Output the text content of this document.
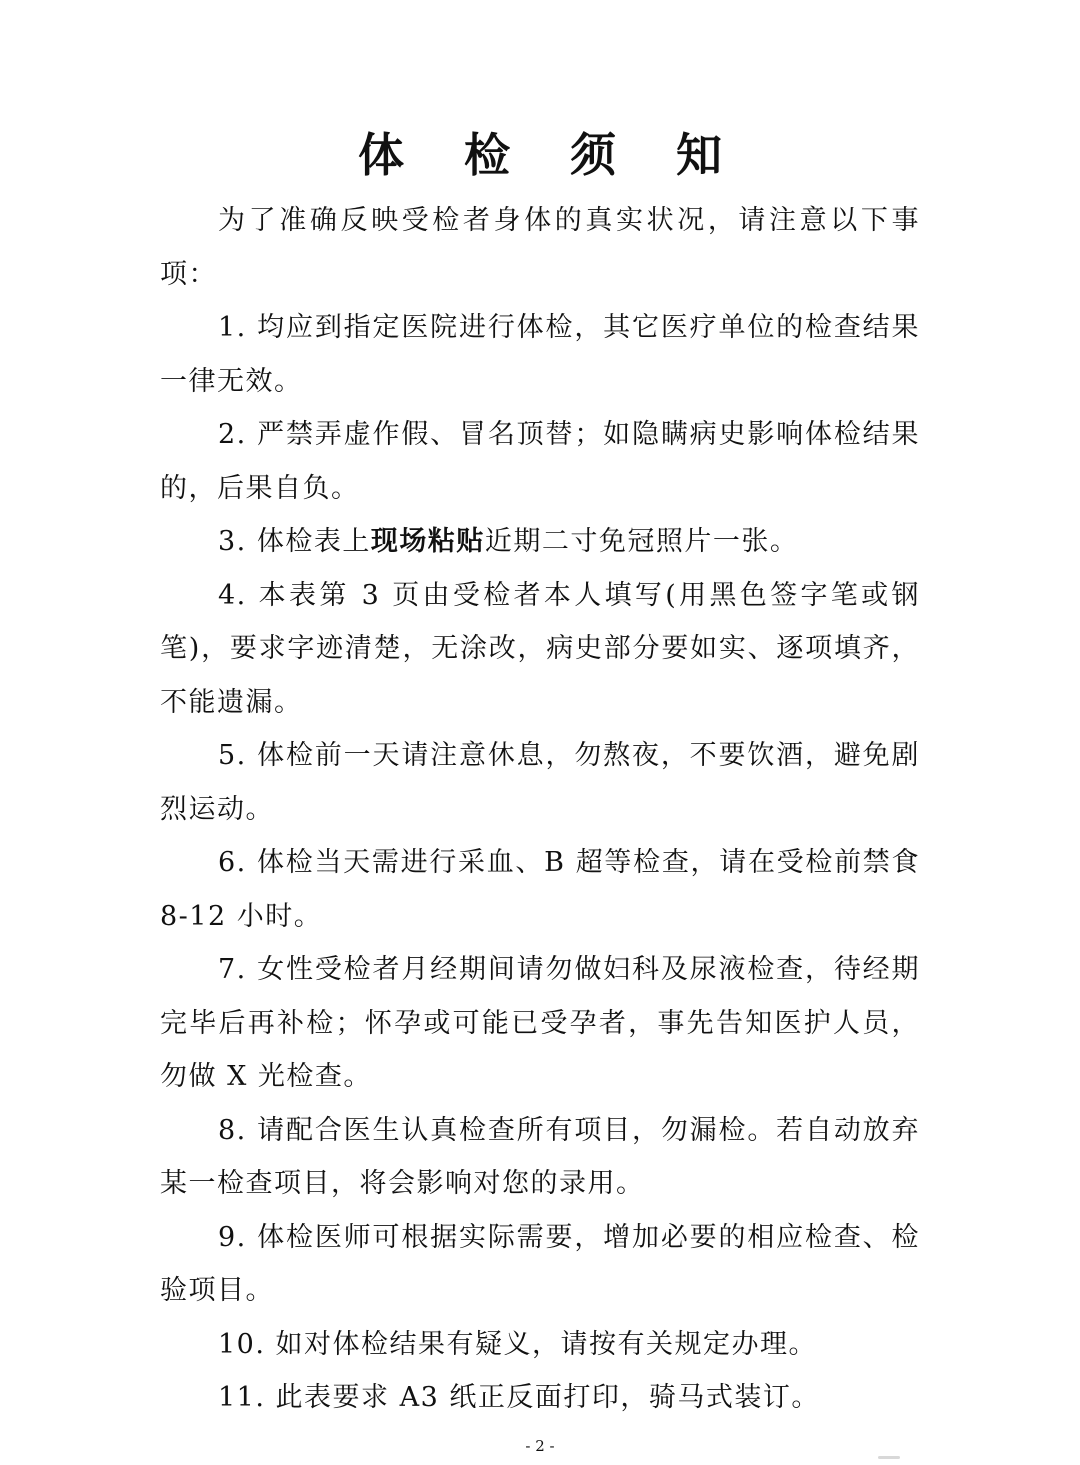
体 检 须 知

为了准确反映受检者身体的真实状况，请注意以下事项：

1. 均应到指定医院进行体检，其它医疗单位的检查结果一律无效。

2. 严禁弄虚作假、冒名顶替；如隐瞒病史影响体检结果的，后果自负。

3. 体检表上现场粘贴近期二寸免冠照片一张。

4. 本表第 3 页由受检者本人填写(用黑色签字笔或钢笔)，要求字迹清楚，无涂改，病史部分要如实、逐项填齐，不能遗漏。

5. 体检前一天请注意休息，勿熬夜，不要饮酒，避免剧烈运动。

6. 体检当天需进行采血、B 超等检查，请在受检前禁食 8-12 小时。

7. 女性受检者月经期间请勿做妇科及尿液检查，待经期完毕后再补检；怀孕或可能已受孕者，事先告知医护人员，勿做 X 光检查。

8. 请配合医生认真检查所有项目，勿漏检。若自动放弃某一检查项目，将会影响对您的录用。

9. 体检医师可根据实际需要，增加必要的相应检查、检验项目。

10. 如对体检结果有疑义，请按有关规定办理。

11. 此表要求 A3 纸正反面打印，骑马式装订。

- 2 -
